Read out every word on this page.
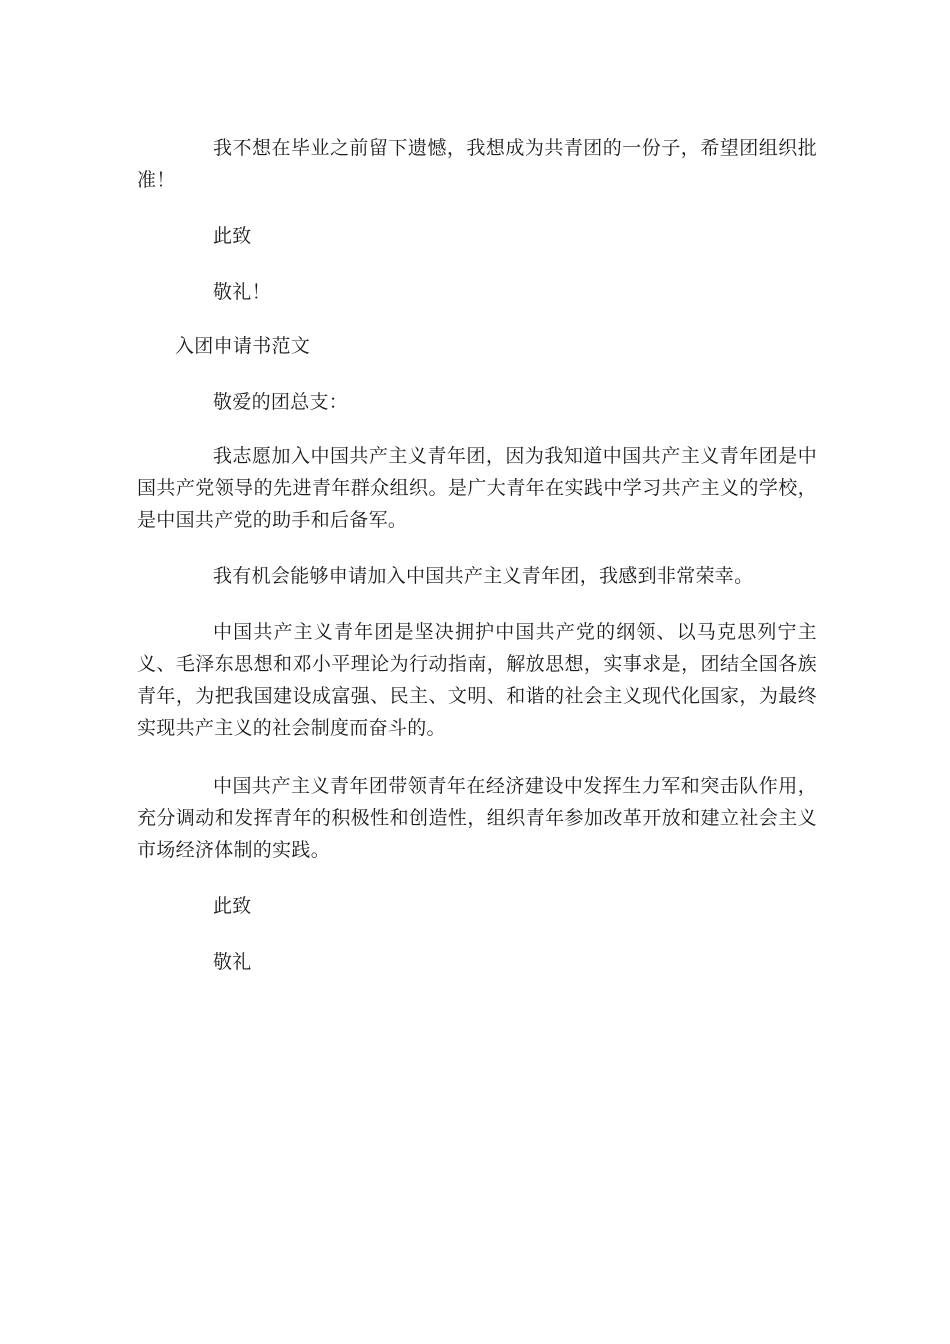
我不想在毕业之前留下遗憾，我想成为共青团的一份子，希望团组织批准！

此致

敬礼！

入团申请书范文

敬爱的团总支：

我志愿加入中国共产主义青年团，因为我知道中国共产主义青年团是中国共产党领导的先进青年群众组织。是广大青年在实践中学习共产主义的学校，是中国共产党的助手和后备军。

我有机会能够申请加入中国共产主义青年团，我感到非常荣幸。

中国共产主义青年团是坚决拥护中国共产党的纲领、以马克思列宁主义、毛泽东思想和邓小平理论为行动指南，解放思想，实事求是，团结全国各族青年，为把我国建设成富强、民主、文明、和谐的社会主义现代化国家，为最终实现共产主义的社会制度而奋斗的。

中国共产主义青年团带领青年在经济建设中发挥生力军和突击队作用，充分调动和发挥青年的积极性和创造性，组织青年参加改革开放和建立社会主义市场经济体制的实践。

此致

敬礼
